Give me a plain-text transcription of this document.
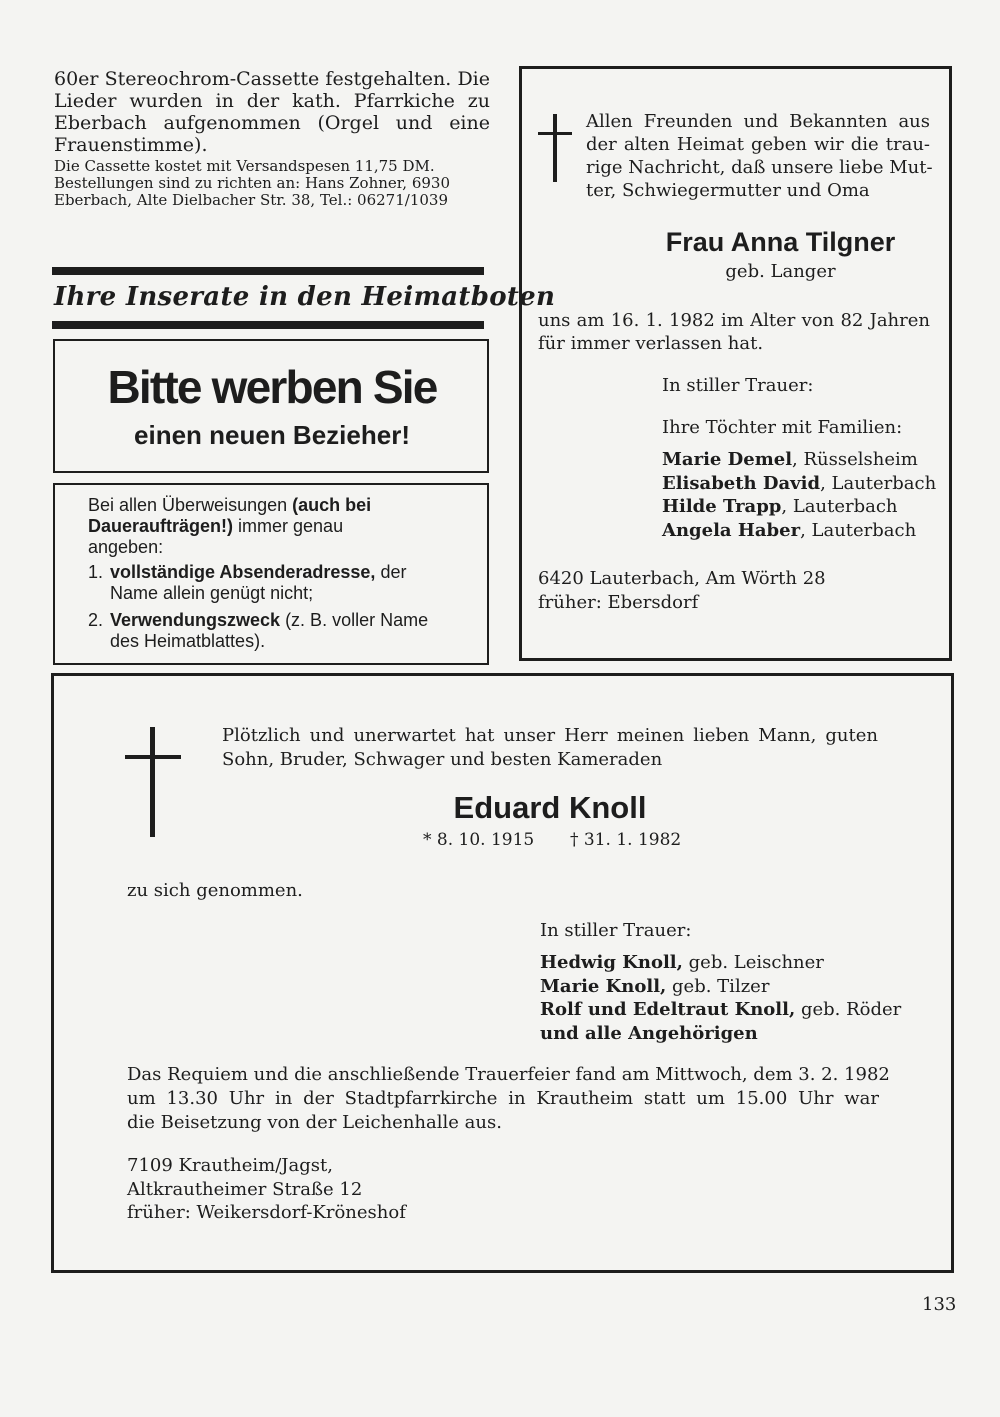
60er Stereochrom-Cassette festgehalten. Die
Lieder wurden in der kath. Pfarrkiche zu
Eberbach aufgenommen (Orgel und eine
Frauenstimme).
Die Cassette kostet mit Versandspesen 11,75 DM.
Bestellungen sind zu richten an: Hans Zohner, 6930
Eberbach, Alte Dielbacher Str. 38, Tel.: 06271/1039
Ihre Inserate in den Heimatboten
Bitte werben Sie
einen neuen Bezieher!
Bei allen Überweisungen (auch bei
Daueraufträgen!) immer genau
angeben:
1. vollständige Absenderadresse, der
Name allein genügt nicht;
2. Verwendungszweck (z. B. voller Name
des Heimatblattes).
Allen Freunden und Bekannten aus
der alten Heimat geben wir die trau-
rige Nachricht, daß unsere liebe Mut-
ter, Schwiegermutter und Oma
Frau Anna Tilgner
geb. Langer
uns am 16. 1. 1982 im Alter von 82 Jahren
für immer verlassen hat.
In stiller Trauer:
Ihre Töchter mit Familien:
Marie Demel, Rüsselsheim
Elisabeth David, Lauterbach
Hilde Trapp, Lauterbach
Angela Haber, Lauterbach
6420 Lauterbach, Am Wörth 28
früher: Ebersdorf
Plötzlich und unerwartet hat unser Herr meinen lieben Mann, guten
Sohn, Bruder, Schwager und besten Kameraden
Eduard Knoll
* 8. 10. 1915 † 31. 1. 1982
zu sich genommen.
In stiller Trauer:
Hedwig Knoll, geb. Leischner
Marie Knoll, geb. Tilzer
Rolf und Edeltraut Knoll, geb. Röder
und alle Angehörigen
Das Requiem und die anschließende Trauerfeier fand am Mittwoch, dem 3. 2. 1982
um 13.30 Uhr in der Stadtpfarrkirche in Krautheim statt um 15.00 Uhr war
die Beisetzung von der Leichenhalle aus.
7109 Krautheim/Jagst,
Altkrautheimer Straße 12
früher: Weikersdorf-Kröneshof
133
